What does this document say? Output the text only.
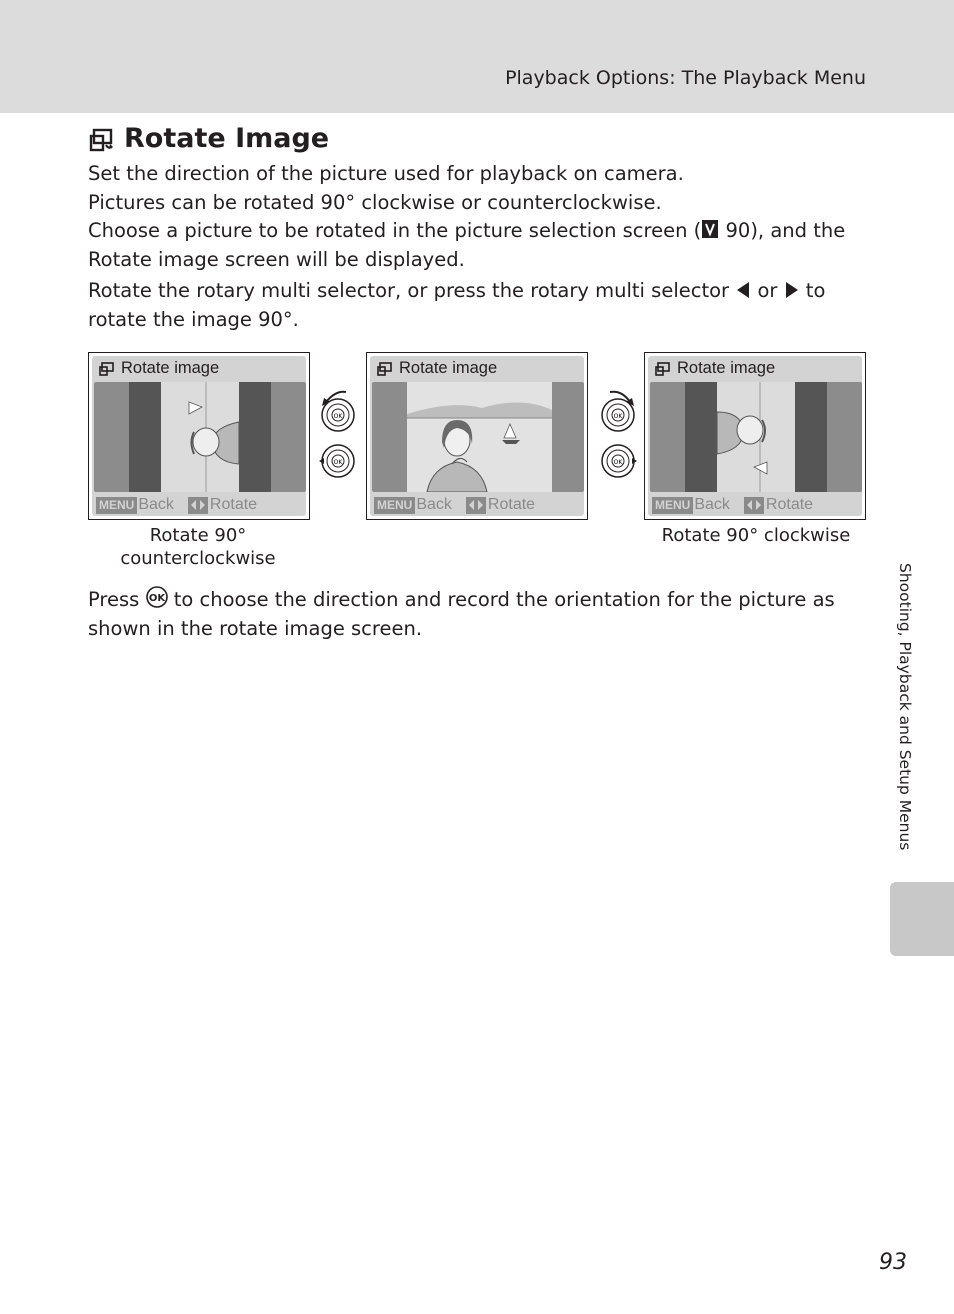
Playback Options: The Playback Menu
Rotate Image

Set the direction of the picture used for playback on camera.

Pictures can be rotated 90° clockwise or counterclockwise.

Choose a picture to be rotated in the picture selection screen ( 90), and the Rotate image screen will be displayed.

Rotate the rotary multi selector, or press the rotary multi selector  or  to rotate the image 90°.

Rotate image
MENU Back Rotate
OK
OK
Rotate image
MENU Back Rotate
OK
OK
Rotate image
MENU Back Rotate
Rotate 90°
counterclockwise
Rotate 90° clockwise

Press OK to choose the direction and record the orientation for the picture as shown in the rotate image screen.	Shooting, Playback and Setup Menus
93
